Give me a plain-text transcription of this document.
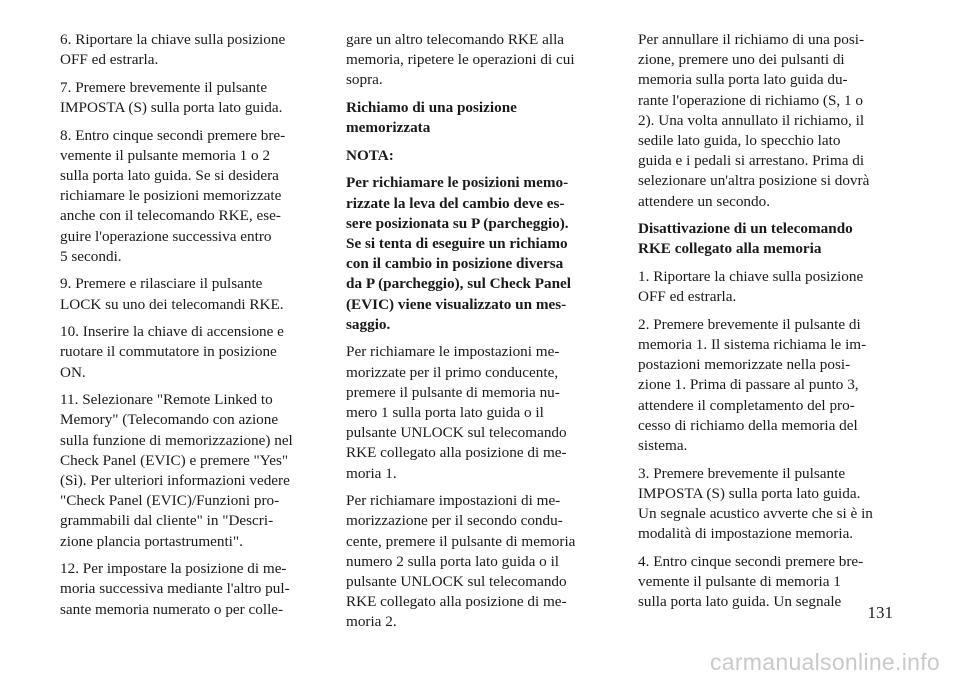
6. Riportare la chiave sulla posizione
OFF ed estrarla.

7. Premere brevemente il pulsante
IMPOSTA (S) sulla porta lato guida.

8. Entro cinque secondi premere bre-
vemente il pulsante memoria 1 o 2
sulla porta lato guida. Se si desidera
richiamare le posizioni memorizzate
anche con il telecomando RKE, ese-
guire l'operazione successiva entro
5 secondi.

9. Premere e rilasciare il pulsante
LOCK su uno dei telecomandi RKE.

10. Inserire la chiave di accensione e
ruotare il commutatore in posizione
ON.

11. Selezionare "Remote Linked to
Memory" (Telecomando con azione
sulla funzione di memorizzazione) nel
Check Panel (EVIC) e premere "Yes"
(Sì). Per ulteriori informazioni vedere
"Check Panel (EVIC)/Funzioni pro-
grammabili dal cliente" in "Descri-
zione plancia portastrumenti".

12. Per impostare la posizione di me-
moria successiva mediante l'altro pul-
sante memoria numerato o per colle-

gare un altro telecomando RKE alla
memoria, ripetere le operazioni di cui
sopra.

Richiamo di una posizione
memorizzata

NOTA:

Per richiamare le posizioni memo-
rizzate la leva del cambio deve es-
sere posizionata su P (parcheggio).
Se si tenta di eseguire un richiamo
con il cambio in posizione diversa
da P (parcheggio), sul Check Panel
(EVIC) viene visualizzato un mes-
saggio.

Per richiamare le impostazioni me-
morizzate per il primo conducente,
premere il pulsante di memoria nu-
mero 1 sulla porta lato guida o il
pulsante UNLOCK sul telecomando
RKE collegato alla posizione di me-
moria 1.

Per richiamare impostazioni di me-
morizzazione per il secondo condu-
cente, premere il pulsante di memoria
numero 2 sulla porta lato guida o il
pulsante UNLOCK sul telecomando
RKE collegato alla posizione di me-
moria 2.

Per annullare il richiamo di una posi-
zione, premere uno dei pulsanti di
memoria sulla porta lato guida du-
rante l'operazione di richiamo (S, 1 o
2). Una volta annullato il richiamo, il
sedile lato guida, lo specchio lato
guida e i pedali si arrestano. Prima di
selezionare un'altra posizione si dovrà
attendere un secondo.

Disattivazione di un telecomando
RKE collegato alla memoria

1. Riportare la chiave sulla posizione
OFF ed estrarla.

2. Premere brevemente il pulsante di
memoria 1. Il sistema richiama le im-
postazioni memorizzate nella posi-
zione 1. Prima di passare al punto 3,
attendere il completamento del pro-
cesso di richiamo della memoria del
sistema.

3. Premere brevemente il pulsante
IMPOSTA (S) sulla porta lato guida.
Un segnale acustico avverte che si è in
modalità di impostazione memoria.

4. Entro cinque secondi premere bre-
vemente il pulsante di memoria 1
sulla porta lato guida. Un segnale

131
carmanualsonline.info
